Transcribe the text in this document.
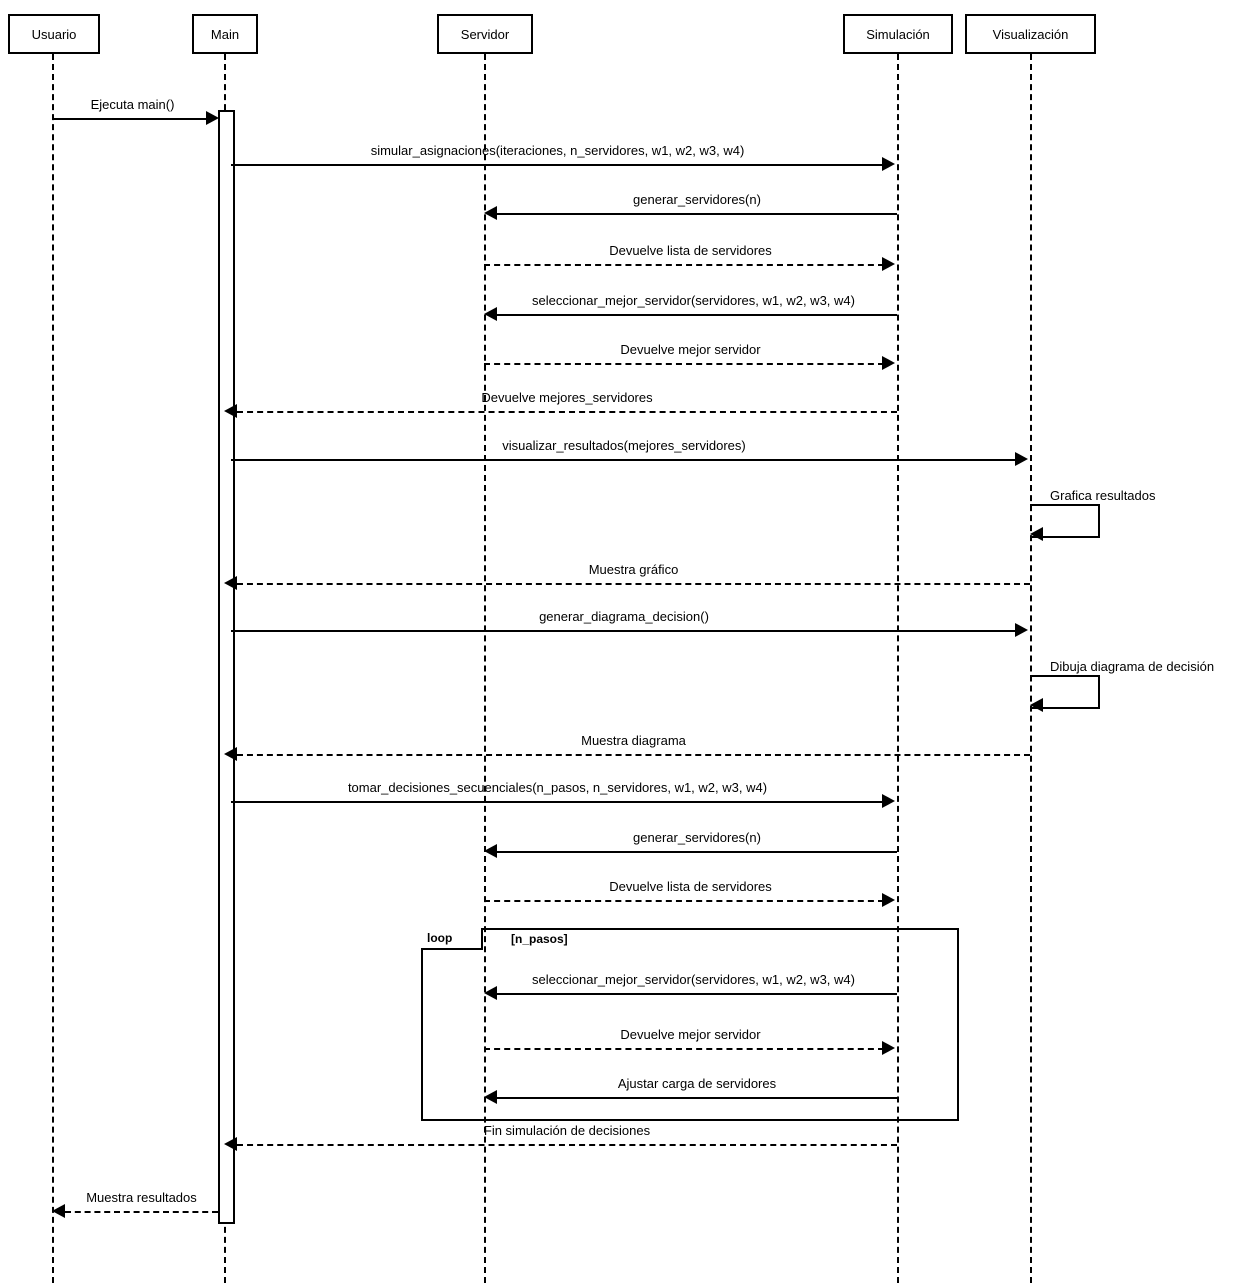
Usuario	Main	Servidor	Simulación	Visualización
Ejecuta main()
simular_asignaciones(iteraciones, n_servidores, w1, w2, w3, w4)
generar_servidores(n)
Devuelve lista de servidores
seleccionar_mejor_servidor(servidores, w1, w2, w3, w4)
Devuelve mejor servidor
Devuelve mejores_servidores
visualizar_resultados(mejores_servidores)
Grafica resultados
Muestra gráfico
generar_diagrama_decision()
Dibuja diagrama de decisión
Muestra diagrama
tomar_decisiones_secuenciales(n_pasos, n_servidores, w1, w2, w3, w4)
generar_servidores(n)
Devuelve lista de servidores
loop	[n_pasos]
seleccionar_mejor_servidor(servidores, w1, w2, w3, w4)
Devuelve mejor servidor
Ajustar carga de servidores
Fin simulación de decisiones
Muestra resultados
